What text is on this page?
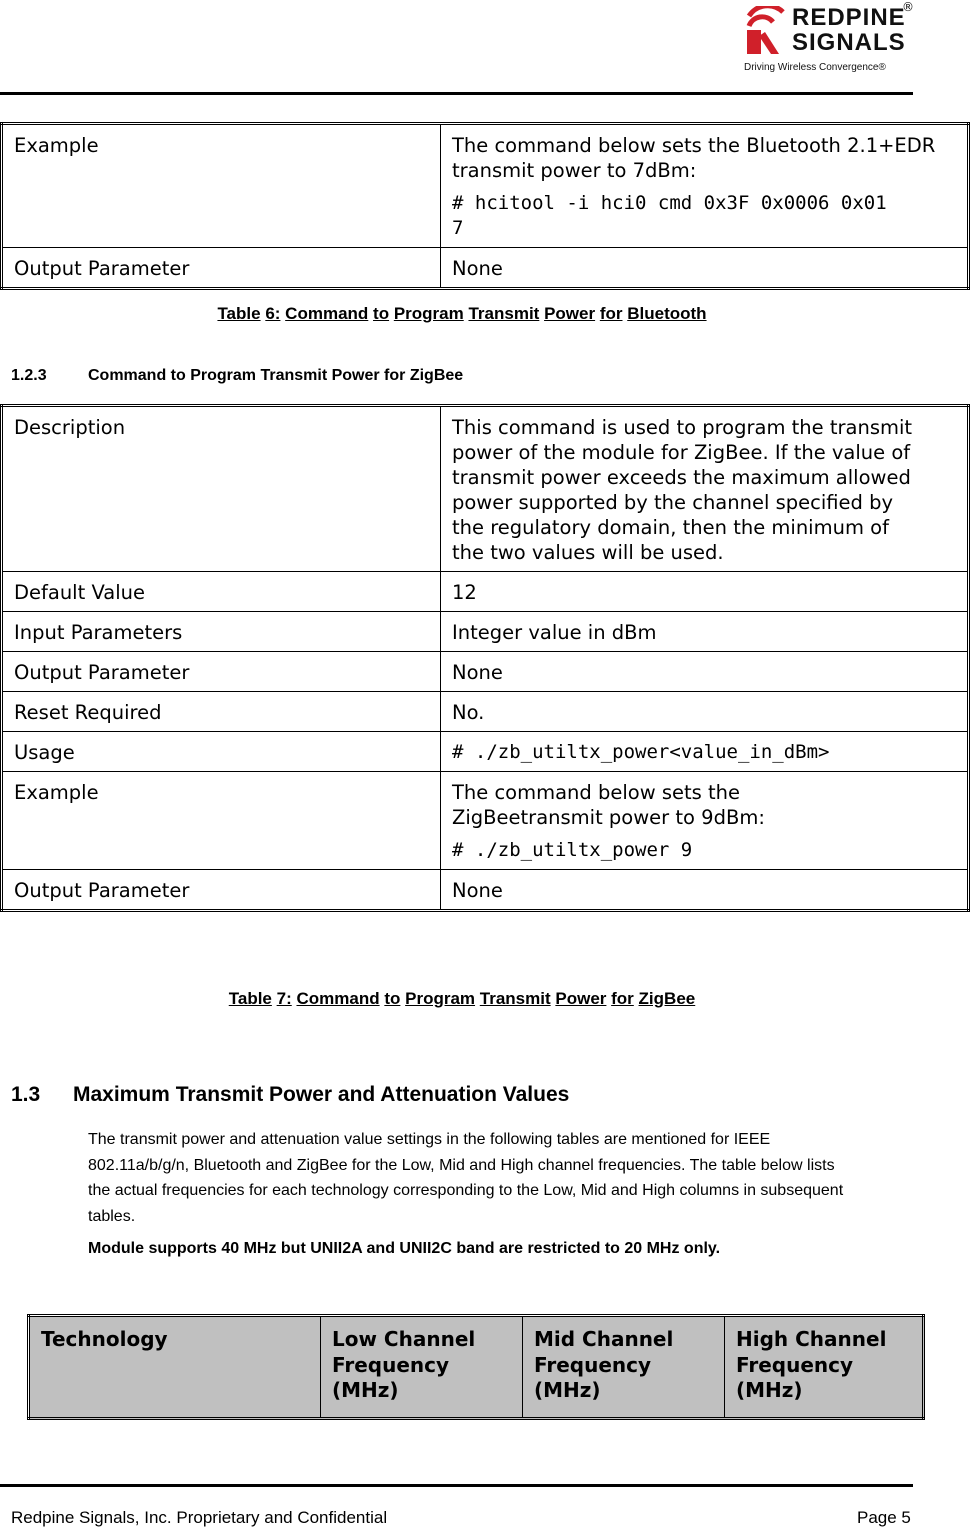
REDPINE
SIGNALS
®
Driving Wireless Convergence®
Example	The command below sets the Bluetooth 2.1+EDR transmit power to 7dBm:
# hcitool -i hci0 cmd 0x3F 0x0006 0x01 7

Output Parameter	None
Table 6: Command to Program Transmit Power for Bluetooth
1.2.3	Command to Program Transmit Power for ZigBee
Description	This command is used to program the transmit power of the module for ZigBee. If the value of transmit power exceeds the maximum allowed power supported by the channel specified by the regulatory domain, then the minimum of the two values will be used.

Default Value	12
Input Parameters	Integer value in dBm
Output Parameter	None
Reset Required	No.
Usage	# ./zb_utiltx_power<value_in_dBm>
Example	The command below sets the ZigBeetransmit power to 9dBm:
# ./zb_utiltx_power 9

Output Parameter	None
Table 7: Command to Program Transmit Power for ZigBee
1.3 Maximum Transmit Power and Attenuation Values
The transmit power and attenuation value settings in the following tables are mentioned for IEEE 802.11a/b/g/n, Bluetooth and ZigBee for the Low, Mid and High channel frequencies. The table below lists the actual frequencies for each technology corresponding to the Low, Mid and High columns in subsequent tables.
Module supports 40 MHz but UNII2A and UNII2C band are restricted to 20 MHz only.
Technology	Low Channel Frequency (MHz)	Mid Channel Frequency (MHz)	High Channel Frequency (MHz)
Redpine Signals, Inc. Proprietary and Confidential	Page 5
